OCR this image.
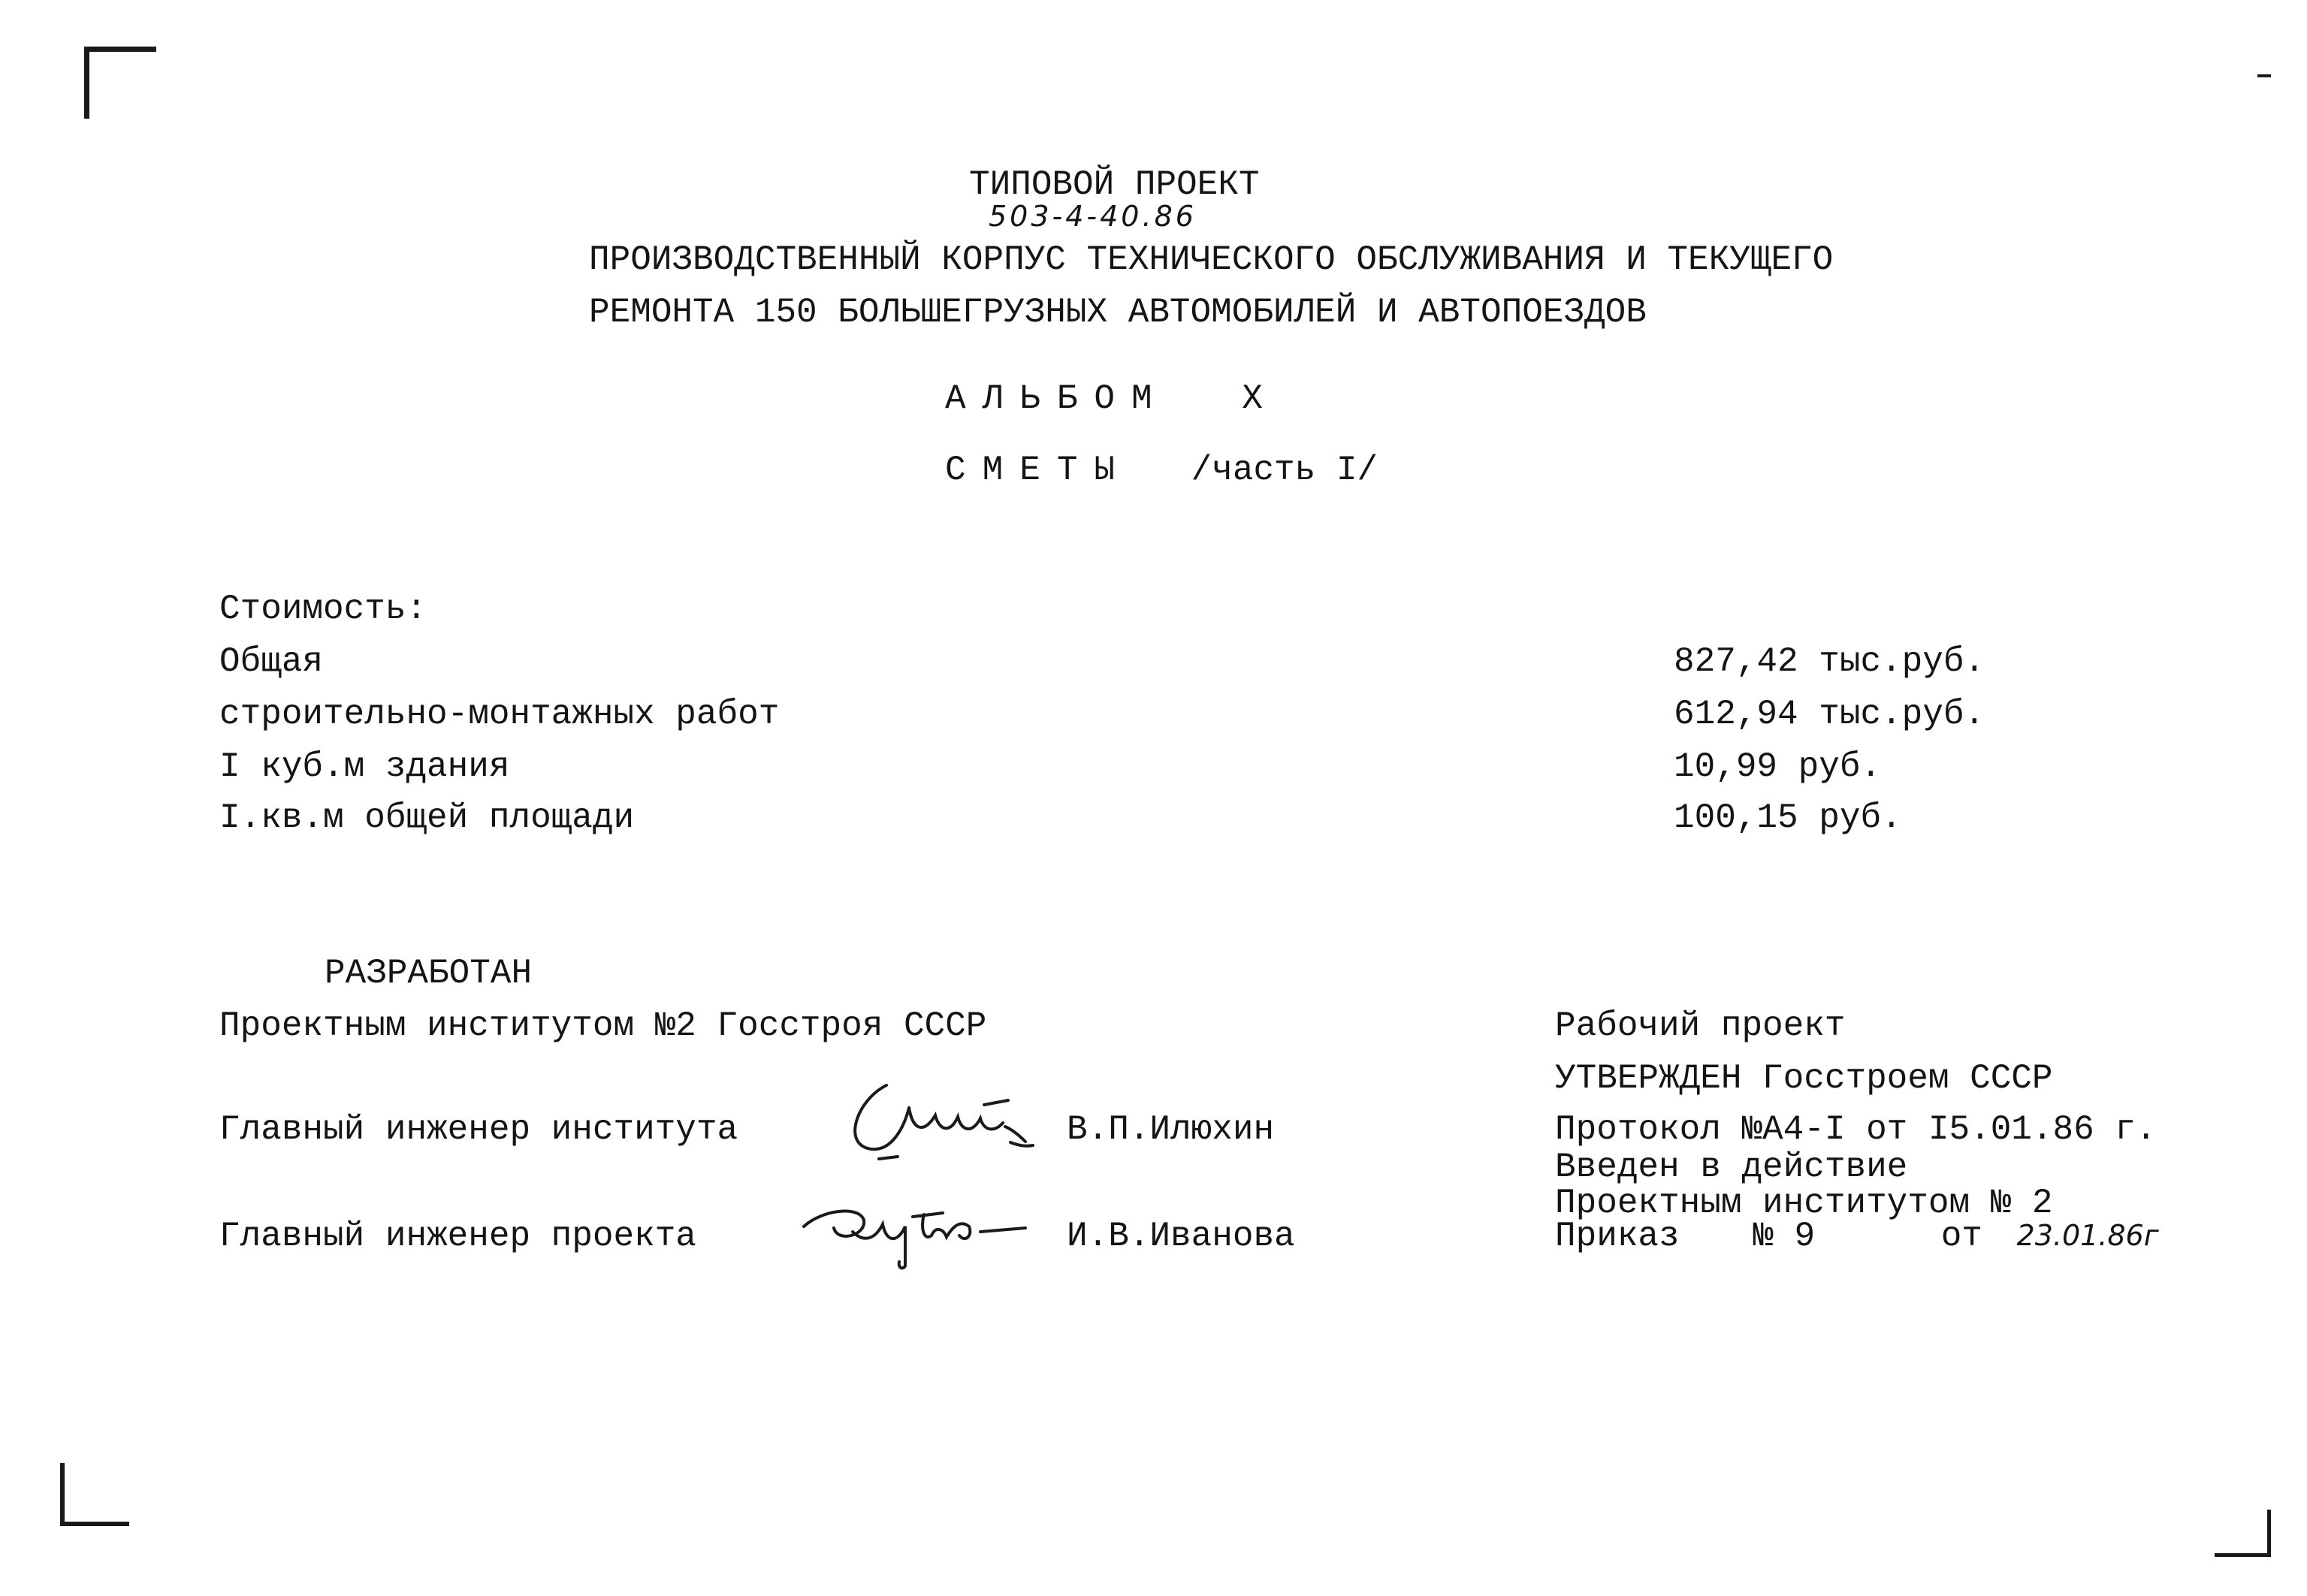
ТИПОВОЙ ПРОЕКТ
503-4-40.86
ПРОИЗВОДСТВЕННЫЙ КОРПУС ТЕХНИЧЕСКОГО ОБСЛУЖИВАНИЯ И ТЕКУЩЕГО
РЕМОНТА 150 БОЛЬШЕГРУЗНЫХ АВТОМОБИЛЕЙ И АВТОПОЕЗДОВ
АЛЬБОМ X
СМЕТЫ /часть I/
Стоимость:
Общая	827,42 тыс.руб.
строительно-монтажных работ	612,94 тыс.руб.
I куб.м здания	10,99 руб.
I.кв.м общей площади	100,15 руб.
РАЗРАБОТАН
Проектным институтом №2 Госстроя СССР
Главный инженер института	В.П.Илюхин
Главный инженер проекта	И.В.Иванова
Рабочий проект
УТВЕРЖДЕН Госстроем СССР
Протокол №А4-I от I5.01.86 г.
Введен в действие
Проектным институтом № 2
Приказ № 9	от 23.01.86г
